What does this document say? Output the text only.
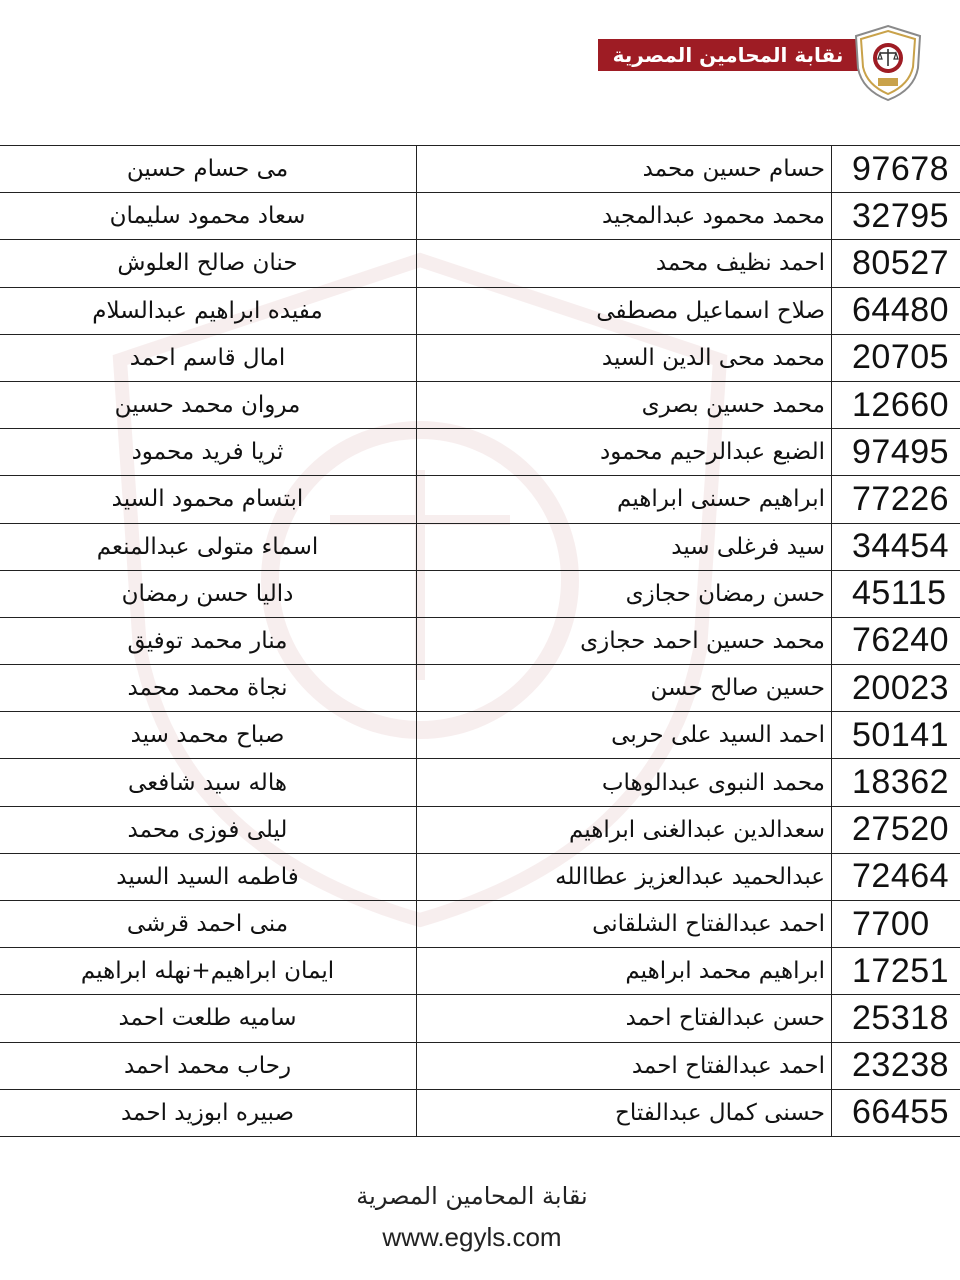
نقابة المحامين المصرية
مى حسام حسين	حسام حسين محمد	97678
سعاد محمود سليمان	محمد محمود عبدالمجيد	32795
حنان صالح العلوش	احمد نظيف محمد	80527
مفيده ابراهيم عبدالسلام	صلاح اسماعيل مصطفى	64480
امال قاسم احمد	محمد محى الدين السيد	20705
مروان محمد حسين	محمد حسين بصرى	12660
ثريا فريد محمود	الضبع عبدالرحيم محمود	97495
ابتسام محمود السيد	ابراهيم حسنى ابراهيم	77226
اسماء متولى عبدالمنعم	سيد فرغلى سيد	34454
داليا حسن رمضان	حسن رمضان حجازى	45115
منار محمد توفيق	محمد حسين احمد حجازى	76240
نجاة محمد محمد	حسين صالح حسن	20023
صباح محمد سيد	احمد السيد على حربى	50141
هاله سيد شافعى	محمد النبوى عبدالوهاب	18362
ليلى فوزى محمد	سعدالدين عبدالغنى ابراهيم	27520
فاطمه السيد السيد	عبدالحميد عبدالعزيز عطاالله	72464
منى احمد قرشى	احمد عبدالفتاح الشلقانى	7700
ايمان ابراهيم+نهله ابراهيم	ابراهيم محمد ابراهيم	17251
ساميه طلعت احمد	حسن عبدالفتاح احمد	25318
رحاب محمد احمد	احمد عبدالفتاح احمد	23238
صبيره ابوزيد احمد	حسنى كمال عبدالفتاح	66455
نقابة المحامين المصرية
www.egyls.com
